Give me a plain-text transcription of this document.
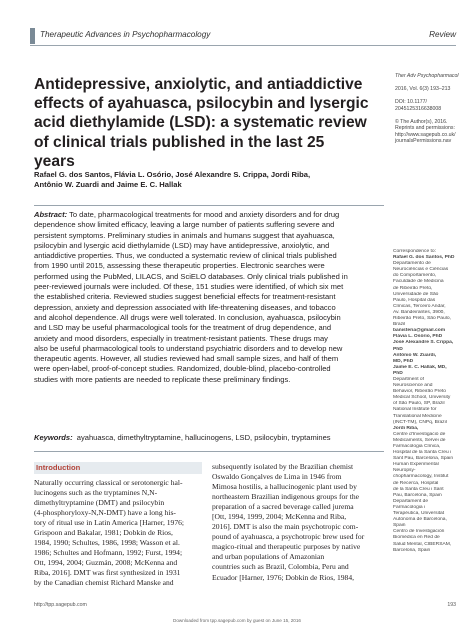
Therapeutic Advances in Psychopharmacology	Review
Antidepressive, anxiolytic, and antiaddictive
effects of ayahuasca, psilocybin and lysergic
acid diethylamide (LSD): a systematic review
of clinical trials published in the last 25
years
Ther Adv Psychopharmacol

2016, Vol. 6(3) 193–213

DOI: 10.1177/
2045125316638008

© The Author(s), 2016.
Reprints and permissions:
http://www.sagepub.co.uk/
journalsPermissions.nav
Rafael G. dos Santos, Flávia L. Osório, José Alexandre S. Crippa, Jordi Riba,
Antônio W. Zuardi and Jaime E. C. Hallak
Abstract: To date, pharmacological treatments for mood and anxiety disorders and for drug
dependence show limited efficacy, leaving a large number of patients suffering severe and
persistent symptoms. Preliminary studies in animals and humans suggest that ayahuasca,
psilocybin and lysergic acid diethylamide (LSD) may have antidepressive, anxiolytic, and
antiaddictive properties. Thus, we conducted a systematic review of clinical trials published
from 1990 until 2015, assessing these therapeutic properties. Electronic searches were
performed using the PubMed, LILACS, and SciELO databases. Only clinical trials published in
peer-reviewed journals were included. Of these, 151 studies were identified, of which six met
the established criteria. Reviewed studies suggest beneficial effects for treatment-resistant
depression, anxiety and depression associated with life-threatening diseases, and tobacco
and alcohol dependence. All drugs were well tolerated. In conclusion, ayahuasca, psilocybin
and LSD may be useful pharmacological tools for the treatment of drug dependence, and
anxiety and mood disorders, especially in treatment-resistant patients. These drugs may
also be useful pharmacological tools to understand psychiatric disorders and to develop new
therapeutic agents. However, all studies reviewed had small sample sizes, and half of them
were open-label, proof-of-concept studies. Randomized, double-blind, placebo-controlled
studies with more patients are needed to replicate these preliminary findings.
Keywords:  ayahuasca, dimethyltryptamine, hallucinogens, LSD, psilocybin, tryptamines
Correspondence to:
Rafael G. dos Santos, PhD
Departamento de
Neurociências e Ciências
do Comportamento,
Faculdade de Medicina
de Ribeirão Preto,
Universidade de São
Paulo, Hospital das
Clínicas, Terceiro Andar,
Av. Bandeirantes, 3900,
Ribeirão Preto, São Paulo,
Brazil
banisteria@gmail.com
Flávia L. Osório, PhD
José Alexandre S. Crippa,
PhD
Antônio W. Zuardi,
MD, PhD
Jaime E. C. Hallak, MD,
PhD
Department of
Neuroscience and
Behavior, Ribeirão Preto
Medical School, University
of São Paulo, SP, Brazil
National Institute for
Translational Medicine
(INCT-TM), CNPq, Brazil
Jordi Riba,
Centre d'Investigació de
Medicaments, Servei de
Farmacologia Clínica,
Hospital de la Santa Creu i
Sant Pau, Barcelona, Spain
Human Experimental
Neuropsy-
chopharmacology, Institut
de Recerca, Hospital
de la Santa Creu i Sant
Pau, Barcelona, Spain
Departament de
Farmacologia i
Terapèutica, Universitat
Autònoma de Barcelona,
Spain
Centro de Investigación
Biomédica en Red de
Salud Mental, CIBERSAM,
Barcelona, Spain
Introduction
Naturally occurring classical or serotonergic hal-
lucinogens such as the tryptamines N,N-
dimethyltryptamine (DMT) and psilocybin
(4-phosphoryloxy-N,N-DMT) have a long his-
tory of ritual use in Latin America [Harner, 1976;
Grispoon and Bakalar, 1981; Dobkin de Rios,
1984, 1990; Schultes, 1986, 1998; Wasson et al.
1986; Schultes and Hofmann, 1992; Furst, 1994;
Ott, 1994, 2004; Guzmán, 2008; McKenna and
Riba, 2016]. DMT was first synthesized in 1931
by the Canadian chemist Richard Manske and
subsequently isolated by the Brazilian chemist
Oswaldo Gonçalves de Lima in 1946 from
Mimosa hostilis, a hallucinogenic plant used by
northeastern Brazilian indigenous groups for the
preparation of a sacred beverage called jurema
[Ott, 1994, 1999, 2004; McKenna and Riba,
2016]. DMT is also the main psychotropic com-
pound of ayahuasca, a psychotropic brew used for
magico-ritual and therapeutic purposes by native
and urban populations of Amazonian
countries such as Brazil, Colombia, Peru and
Ecuador [Harner, 1976; Dobkin de Rios, 1984,
http://tpp.sagepub.com
Downloaded from tpp.sagepub.com by guest on June 15, 2016
193
